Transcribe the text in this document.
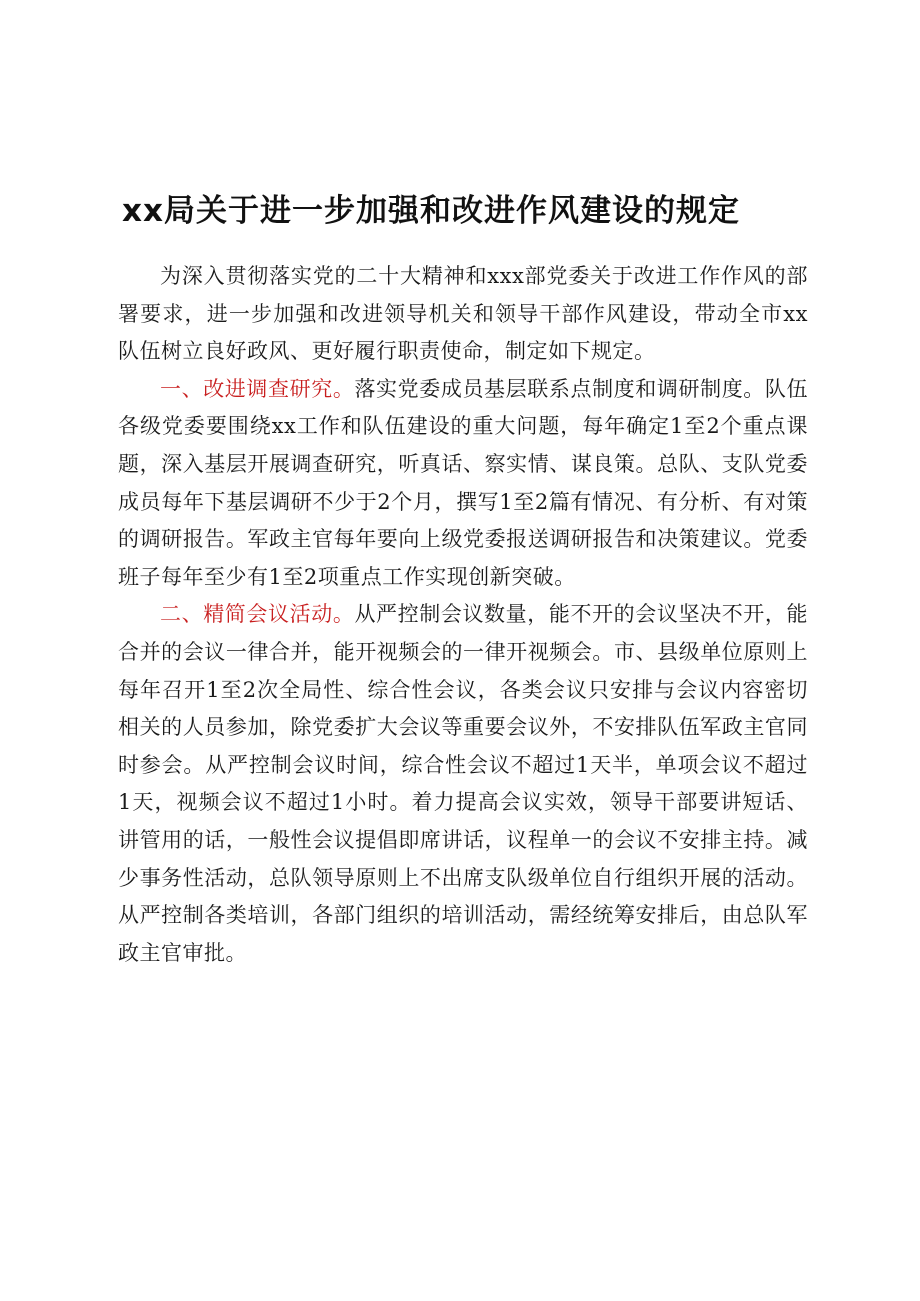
xx局关于进一步加强和改进作风建设的规定

为深入贯彻落实党的二十大精神和xxx部党委关于改进工作作风的部署要求，进一步加强和改进领导机关和领导干部作风建设，带动全市xx队伍树立良好政风、更好履行职责使命，制定如下规定。

一、改进调查研究。落实党委成员基层联系点制度和调研制度。队伍各级党委要围绕xx工作和队伍建设的重大问题，每年确定1至2个重点课题，深入基层开展调查研究，听真话、察实情、谋良策。总队、支队党委成员每年下基层调研不少于2个月，撰写1至2篇有情况、有分析、有对策的调研报告。军政主官每年要向上级党委报送调研报告和决策建议。党委班子每年至少有1至2项重点工作实现创新突破。

二、精简会议活动。从严控制会议数量，能不开的会议坚决不开，能合并的会议一律合并，能开视频会的一律开视频会。市、县级单位原则上每年召开1至2次全局性、综合性会议，各类会议只安排与会议内容密切相关的人员参加，除党委扩大会议等重要会议外，不安排队伍军政主官同时参会。从严控制会议时间，综合性会议不超过1天半，单项会议不超过1天，视频会议不超过1小时。着力提高会议实效，领导干部要讲短话、讲管用的话，一般性会议提倡即席讲话，议程单一的会议不安排主持。减少事务性活动，总队领导原则上不出席支队级单位自行组织开展的活动。从严控制各类培训，各部门组织的培训活动，需经统筹安排后，由总队军政主官审批。
